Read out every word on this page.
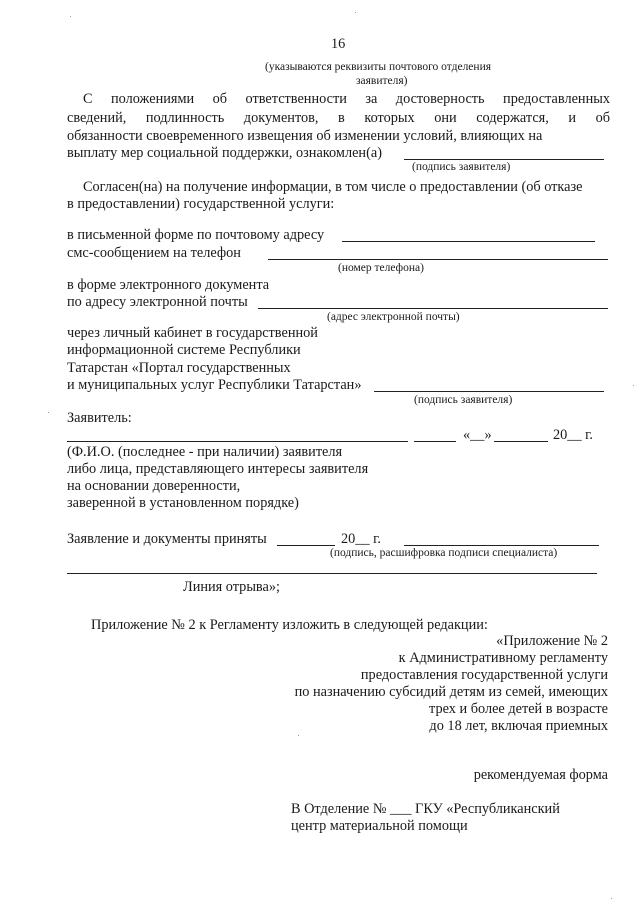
16
(указываются реквизиты почтового отделения
заявителя)
С положениями об ответственности за достоверность предоставленных
сведений, подлинность документов, в которых они содержатся, и об
обязанности своевременного извещения об изменении условий, влияющих на
выплату мер социальной поддержки, ознакомлен(а)
(подпись заявителя)
Согласен(на) на получение информации, в том числе о предоставлении (об отказе
в предоставлении) государственной услуги:
в письменной форме по почтовому адресу
смс-сообщением на телефон
(номер телефона)
в форме электронного документа
по адресу электронной почты
(адрес электронной почты)
через личный кабинет в государственной
информационной системе Республики
Татарстан «Портал государственных
и муниципальных услуг Республики Татарстан»
(подпись заявителя)
Заявитель:
«__»	20__ г.
(Ф.И.О. (последнее - при наличии) заявителя
либо лица, представляющего интересы заявителя
на основании доверенности,
заверенной в установленном порядке)
Заявление и документы приняты	20__ г.
(подпись, расшифровка подписи специалиста)
Линия отрыва»;
Приложение № 2 к Регламенту изложить в следующей редакции:
«Приложение № 2
к Административному регламенту
предоставления государственной услуги
по назначению субсидий детям из семей, имеющих
трех и более детей в возрасте
до 18 лет, включая приемных
рекомендуемая форма
В Отделение № ___ ГКУ «Республиканский
центр материальной помощи
